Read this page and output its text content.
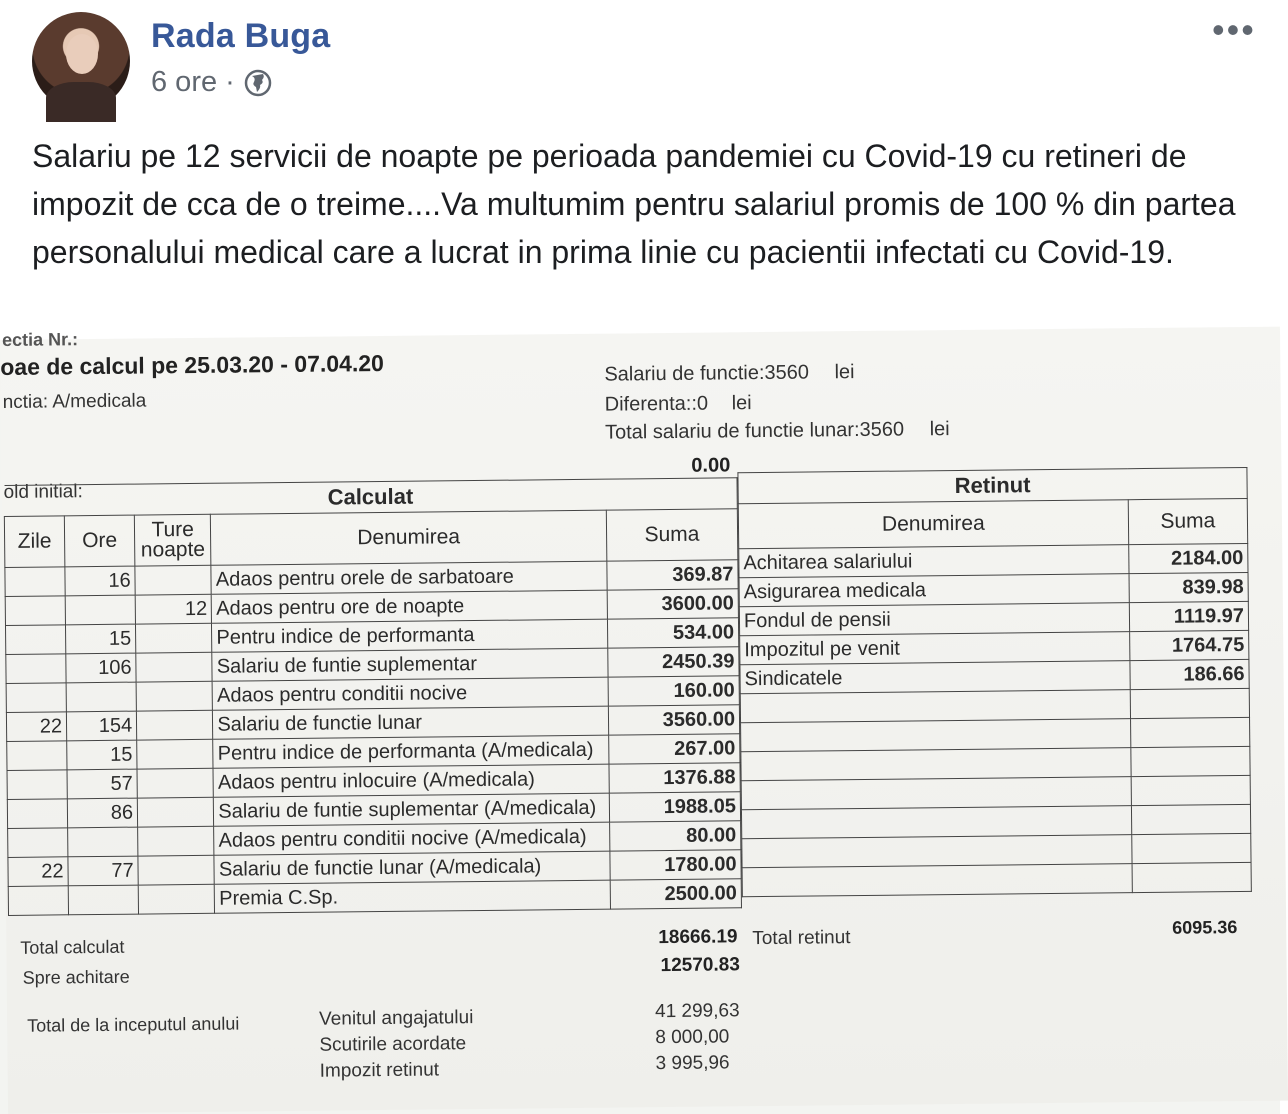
Rada Buga
6 ore ·
•••
Salariu pe 12 servicii de noapte pe perioada pandemiei cu Covid-19 cu retineri de impozit de cca de o treime....Va multumim pentru salariul promis de 100 % din partea personalului medical care a lucrat in prima linie cu pacientii infectati cu Covid-19.
ectia Nr.:
oae de calcul pe 25.03.20 - 07.04.20
nctia: A/medicala
Salariu de functie:3560 lei
Diferenta::0 lei
Total salariu de functie lunar:3560 lei
old initial:
0.00
Calculat				
Zile	Ore	Ture noapte	Denumirea	Suma
	16		Adaos pentru orele de sarbatoare	369.87
		12	Adaos pentru ore de noapte	3600.00
	15		Pentru indice de performanta	534.00
	106		Salariu de funtie suplementar	2450.39
			Adaos pentru conditii nocive	160.00
22	154		Salariu de functie lunar	3560.00
	15		Pentru indice de performanta (A/medicala)	267.00
	57		Adaos pentru inlocuire (A/medicala)	1376.88
	86		Salariu de funtie suplementar (A/medicala)	1988.05
			Adaos pentru conditii nocive (A/medicala)	80.00
22	77		Salariu de functie lunar (A/medicala)	1780.00
			Premia C.Sp.	2500.00
Retinut	
Denumirea	Suma
Achitarea salariului	2184.00
Asigurarea medicala	839.98
Fondul de pensii	1119.97
Impozitul pe venit	1764.75
Sindicatele	186.66

Total calculat	18666.19 Total retinut	6095.36
Spre achitare
12570.83
Total de la inceputul anului	Venitul angajatului	41 299,63
Scutirile acordate	8 000,00
Impozit retinut	3 995,96
